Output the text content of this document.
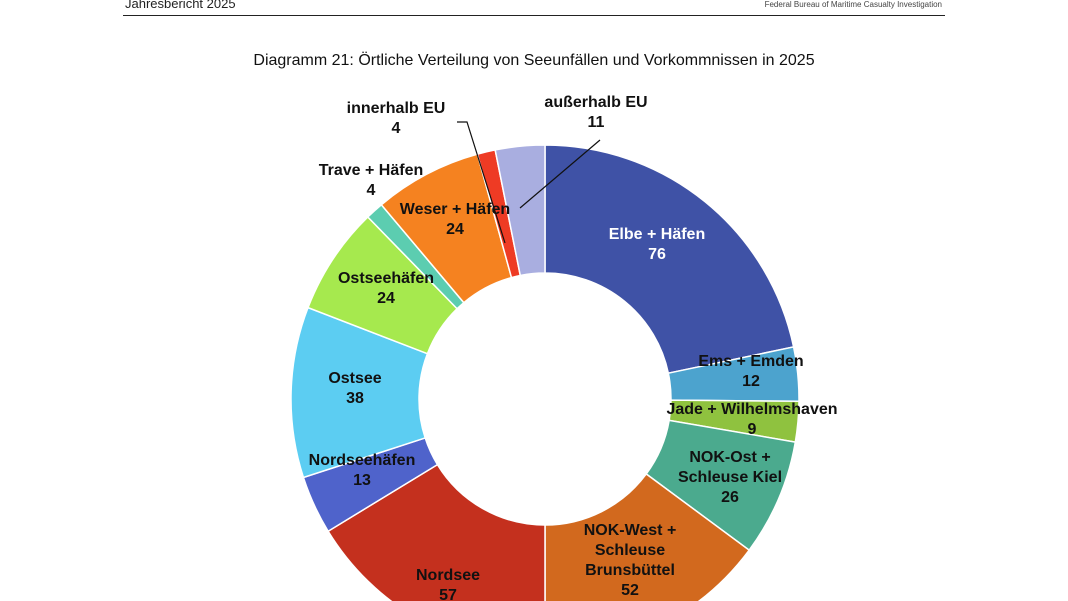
Jahresbericht 2025	Federal Bureau of Maritime Casualty Investigation
Diagramm 21: Örtliche Verteilung von Seeunfällen und Vorkommnissen in 2025
Elbe + Häfen 76
Ems + Emden 12
Jade + Wilhelmshaven 9
NOK-Ost + Schleuse Kiel 26
NOK-West + Schleuse Brunsbüttel 52
Nordsee 57
Nordseehäfen 13
Ostsee 38
Ostseehäfen 24
Trave + Häfen 4
Weser + Häfen 24
innerhalb EU 4
außerhalb EU 11
